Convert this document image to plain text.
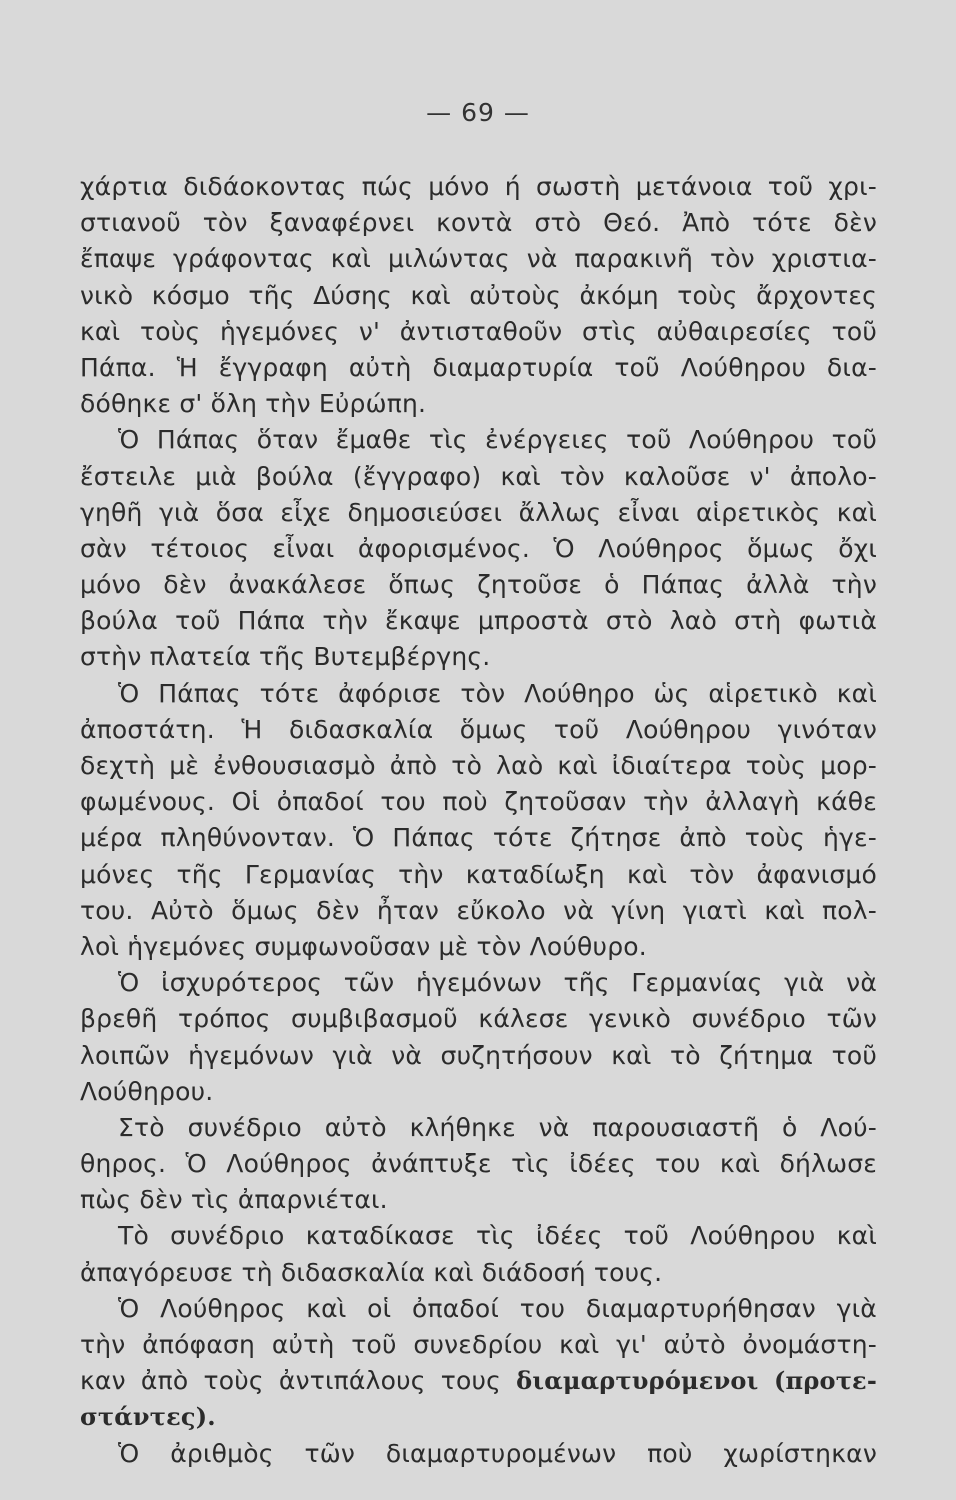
— 69 —
χάρτια διδάοκοντας πώς μόνο ή σωστὴ μετάνοια τοῦ χρι-
στιανοῦ τὸν ξαναφέρνει κοντὰ στὸ Θεό. Ἀπὸ τότε δὲν
ἔπαψε γράφοντας καὶ μιλώντας νὰ παρακινῆ τὸν χριστια-
νικὸ κόσμο τῆς Δύσης καὶ αὐτοὺς ἀκόμη τοὺς ἄρχοντες
καὶ τοὺς ἡγεμόνες ν' ἀντισταθοῦν στὶς αὐθαιρεσίες τοῦ
Πάπα. Ἡ ἔγγραφη αὐτὴ διαμαρτυρία τοῦ Λούθηρου δια-
δόθηκε σ' ὅλη τὴν Εὐρώπη.
Ὁ Πάπας ὅταν ἔμαθε τὶς ἐνέργειες τοῦ Λούθηρου τοῦ
ἔστειλε μιὰ βούλα (ἔγγραφο) καὶ τὸν καλοῦσε ν' ἀπολο-
γηθῆ γιὰ ὅσα εἶχε δημοσιεύσει ἄλλως εἶναι αἱρετικὸς καὶ
σὰν τέτοιος εἶναι ἀφορισμένος. Ὁ Λούθηρος ὅμως ὄχι
μόνο δὲν ἀνακάλεσε ὅπως ζητοῦσε ὁ Πάπας ἀλλὰ τὴν
βούλα τοῦ Πάπα τὴν ἔκαψε μπροστὰ στὸ λαὸ στὴ φωτιὰ
στὴν πλατεία τῆς Βυτεμβέργης.
Ὁ Πάπας τότε ἀφόρισε τὸν Λούθηρο ὡς αἱρετικὸ καὶ
ἀποστάτη. Ἡ διδασκαλία ὅμως τοῦ Λούθηρου γινόταν
δεχτὴ μὲ ἐνθουσιασμὸ ἀπὸ τὸ λαὸ καὶ ἰδιαίτερα τοὺς μορ-
φωμένους. Οἱ ὀπαδοί του ποὺ ζητοῦσαν τὴν ἀλλαγὴ κάθε
μέρα πληθύνονταν. Ὁ Πάπας τότε ζήτησε ἀπὸ τοὺς ἡγε-
μόνες τῆς Γερμανίας τὴν καταδίωξη καὶ τὸν ἀφανισμό
του. Αὐτὸ ὅμως δὲν ἦταν εὔκολο νὰ γίνη γιατὶ καὶ πολ-
λοὶ ἡγεμόνες συμφωνοῦσαν μὲ τὸν Λούθυρο.
Ὁ ἰσχυρότερος τῶν ἡγεμόνων τῆς Γερμανίας γιὰ νὰ
βρεθῆ τρόπος συμβιβασμοῦ κάλεσε γενικὸ συνέδριο τῶν
λοιπῶν ἡγεμόνων γιὰ νὰ συζητήσουν καὶ τὸ ζήτημα τοῦ
Λούθηρου.
Στὸ συνέδριο αὐτὸ κλήθηκε νὰ παρουσιαστῆ ὁ Λού-
θηρος. Ὁ Λούθηρος ἀνάπτυξε τὶς ἰδέες του καὶ δήλωσε
πὼς δὲν τὶς ἀπαρνιέται.
Τὸ συνέδριο καταδίκασε τὶς ἰδέες τοῦ Λούθηρου καὶ
ἀπαγόρευσε τὴ διδασκαλία καὶ διάδοσή τους.
Ὁ Λούθηρος καὶ οἱ ὀπαδοί του διαμαρτυρήθησαν γιὰ
τὴν ἀπόφαση αὐτὴ τοῦ συνεδρίου καὶ γι' αὐτὸ ὀνομάστη-
καν ἀπὸ τοὺς ἀντιπάλους τους διαμαρτυρόμενοι (προτε-
στάντες).
Ὁ ἀριθμὸς τῶν διαμαρτυρομένων ποὺ χωρίστηκαν
